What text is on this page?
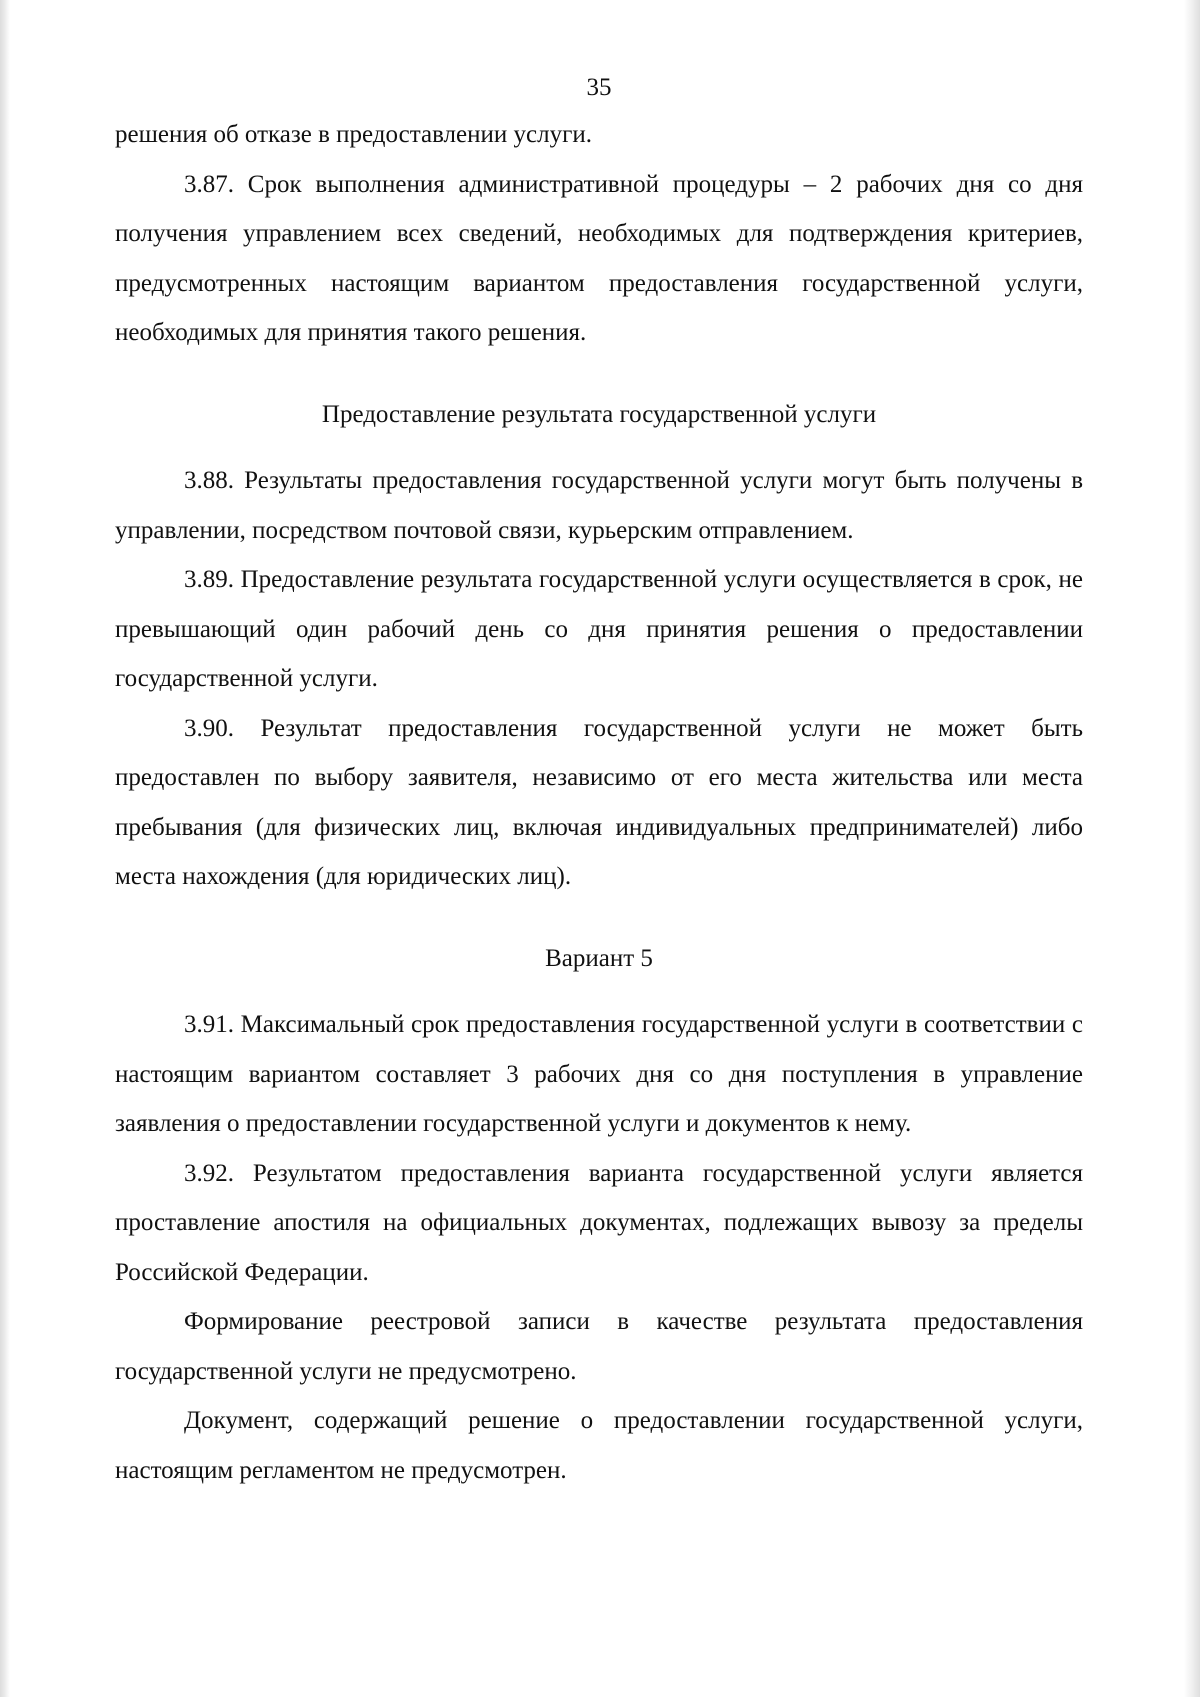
35

решения об отказе в предоставлении услуги.

3.87. Срок выполнения административной процедуры – 2 рабочих дня со дня получения управлением всех сведений, необходимых для подтверждения критериев, предусмотренных настоящим вариантом предоставления государственной услуги, необходимых для принятия такого решения.

Предоставление результата государственной услуги

3.88. Результаты предоставления государственной услуги могут быть получены в управлении, посредством почтовой связи, курьерским отправлением.

3.89. Предоставление результата государственной услуги осуществляется в срок, не превышающий один рабочий день со дня принятия решения о предоставлении государственной услуги.

3.90. Результат предоставления государственной услуги не может быть предоставлен по выбору заявителя, независимо от его места жительства или места пребывания (для физических лиц, включая индивидуальных предпринимателей) либо места нахождения (для юридических лиц).

Вариант 5

3.91. Максимальный срок предоставления государственной услуги в соответствии с настоящим вариантом составляет 3 рабочих дня со дня поступления в управление заявления о предоставлении государственной услуги и документов к нему.

3.92. Результатом предоставления варианта государственной услуги является проставление апостиля на официальных документах, подлежащих вывозу за пределы Российской Федерации.

Формирование реестровой записи в качестве результата предоставления государственной услуги не предусмотрено.

Документ, содержащий решение о предоставлении государственной услуги, настоящим регламентом не предусмотрен.
